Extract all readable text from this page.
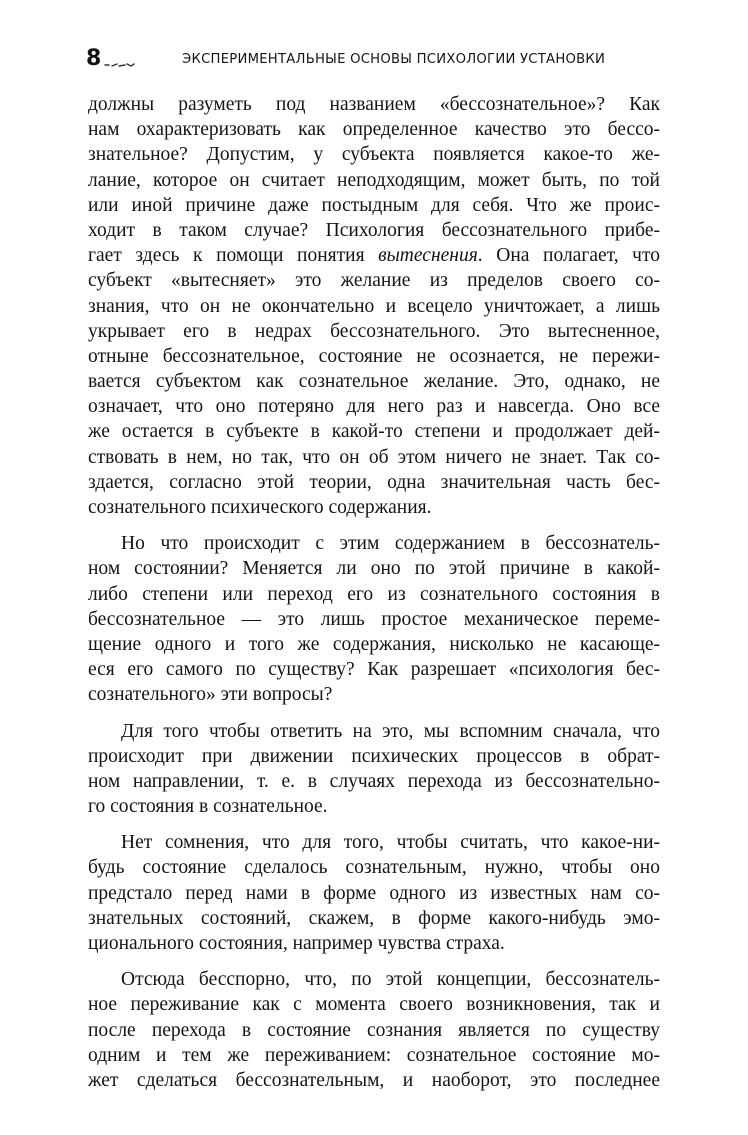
8	ЭКСПЕРИМЕНТАЛЬНЫЕ ОСНОВЫ ПСИХОЛОГИИ УСТАНОВКИ
должны разуметь под названием «бессознательное»? Как
нам охарактеризовать как определенное качество это бессо-
знательное? Допустим, у субъекта появляется какое-то же-
лание, которое он считает неподходящим, может быть, по той
или иной причине даже постыдным для себя. Что же проис-
ходит в таком случае? Психология бессознательного прибе-
гает здесь к помощи понятия вытеснения. Она полагает, что
субъект «вытесняет» это желание из пределов своего со-
знания, что он не окончательно и всецело уничтожает, а лишь
укрывает его в недрах бессознательного. Это вытесненное,
отныне бессознательное, состояние не осознается, не пережи-
вается субъектом как сознательное желание. Это, однако, не
означает, что оно потеряно для него раз и навсегда. Оно все
же остается в субъекте в какой-то степени и продолжает дей-
ствовать в нем, но так, что он об этом ничего не знает. Так со-
здается, согласно этой теории, одна значительная часть бес-
сознательного психического содержания.
Но что происходит с этим содержанием в бессознатель-
ном состоянии? Меняется ли оно по этой причине в какой-
либо степени или переход его из сознательного состояния в
бессознательное — это лишь простое механическое переме-
щение одного и того же содержания, нисколько не касающе-
еся его самого по существу? Как разрешает «психология бес-
сознательного» эти вопросы?
Для того чтобы ответить на это, мы вспомним сначала, что
происходит при движении психических процессов в обрат-
ном направлении, т. е. в случаях перехода из бессознательно-
го состояния в сознательное.
Нет сомнения, что для того, чтобы считать, что какое-ни-
будь состояние сделалось сознательным, нужно, чтобы оно
предстало перед нами в форме одного из известных нам со-
знательных состояний, скажем, в форме какого-нибудь эмо-
ционального состояния, например чувства страха.
Отсюда бесспорно, что, по этой концепции, бессознатель-
ное переживание как с момента своего возникновения, так и
после перехода в состояние сознания является по существу
одним и тем же переживанием: сознательное состояние мо-
жет сделаться бессознательным, и наоборот, это последнее
